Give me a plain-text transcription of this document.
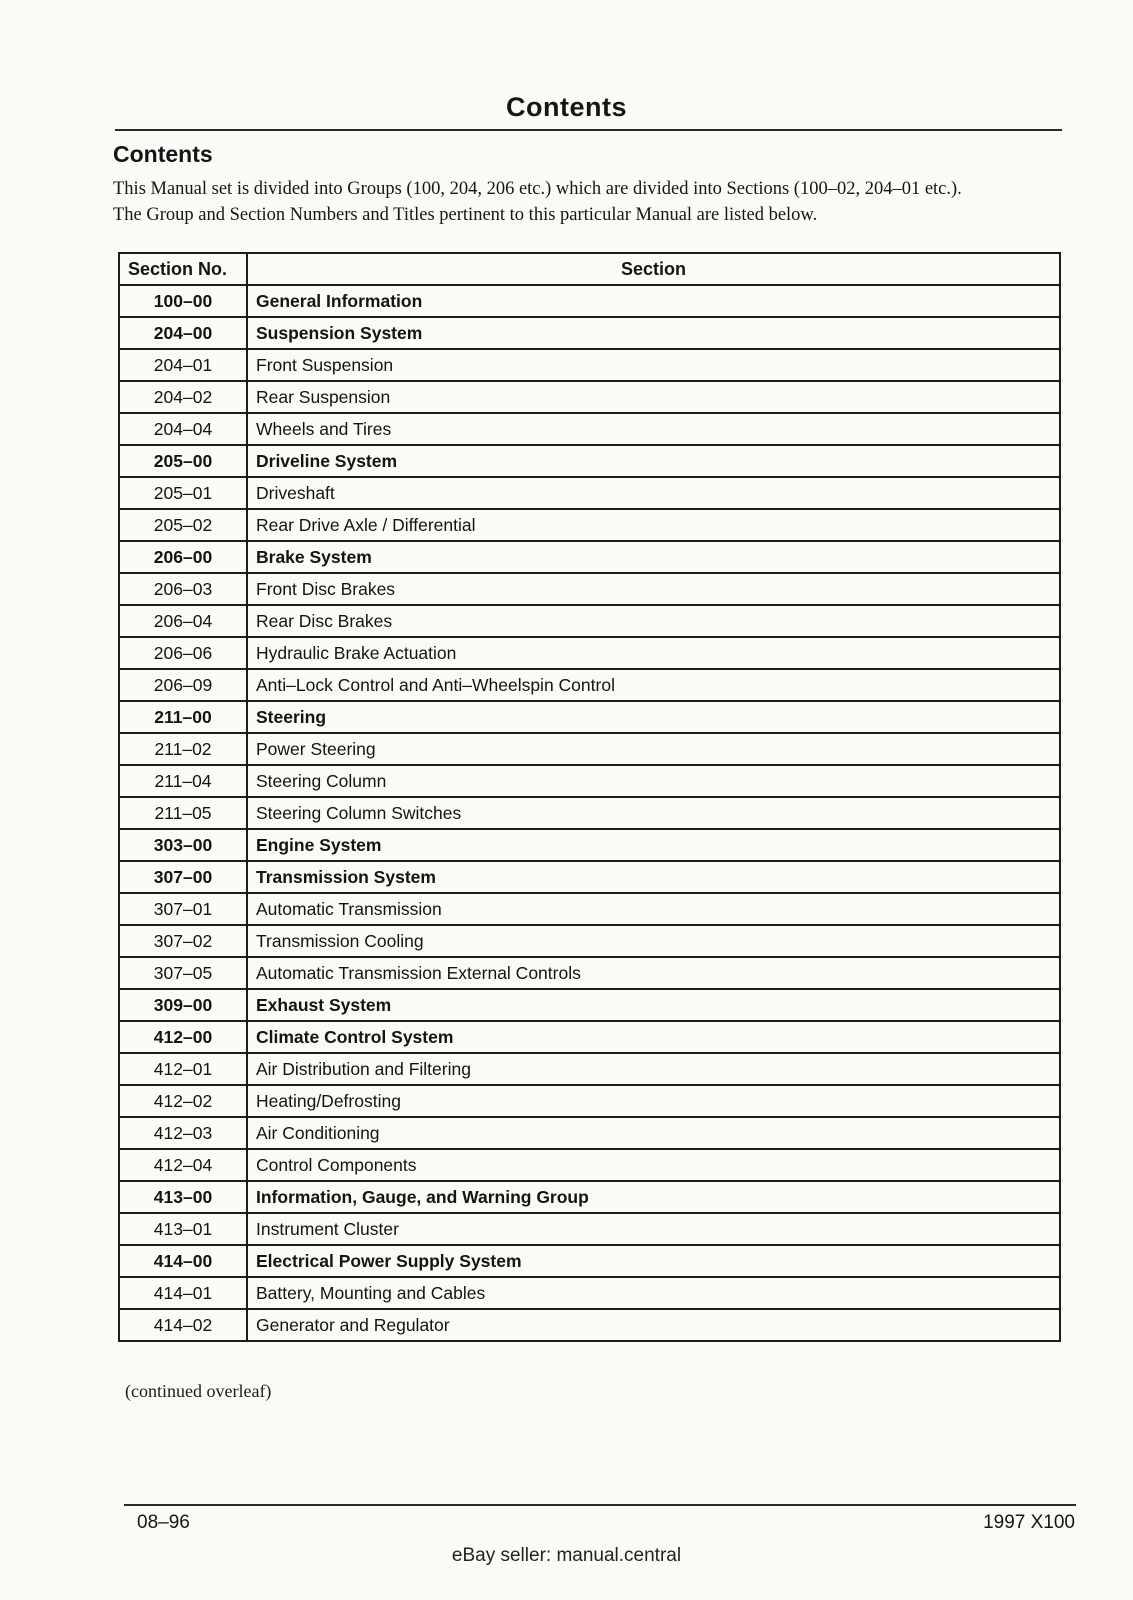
Contents
Contents
This Manual set is divided into Groups (100, 204, 206 etc.) which are divided into Sections (100–02, 204–01 etc.).
The Group and Section Numbers and Titles pertinent to this particular Manual are listed below.
Section No.	Section
100–00	General Information
204–00	Suspension System
204–01	Front Suspension
204–02	Rear Suspension
204–04	Wheels and Tires
205–00	Driveline System
205–01	Driveshaft
205–02	Rear Drive Axle / Differential
206–00	Brake System
206–03	Front Disc Brakes
206–04	Rear Disc Brakes
206–06	Hydraulic Brake Actuation
206–09	Anti–Lock Control and Anti–Wheelspin Control
211–00	Steering
211–02	Power Steering
211–04	Steering Column
211–05	Steering Column Switches
303–00	Engine System
307–00	Transmission System
307–01	Automatic Transmission
307–02	Transmission Cooling
307–05	Automatic Transmission External Controls
309–00	Exhaust System
412–00	Climate Control System
412–01	Air Distribution and Filtering
412–02	Heating/Defrosting
412–03	Air Conditioning
412–04	Control Components
413–00	Information, Gauge, and Warning Group
413–01	Instrument Cluster
414–00	Electrical Power Supply System
414–01	Battery, Mounting and Cables
414–02	Generator and Regulator
(continued overleaf)
08–96	1997 X100
eBay seller: manual.central
